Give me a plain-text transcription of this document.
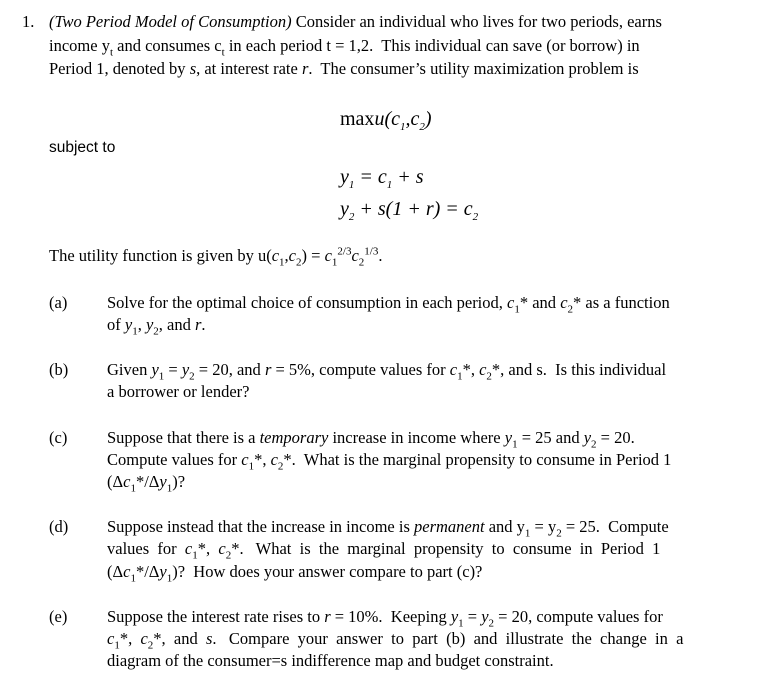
1. (Two Period Model of Consumption) Consider an individual who lives for two periods, earns
income $y_t$ and consumes $c_t$ in each period t = 1,2.  This individual can save (or borrow) in
Period 1, denoted by s, at interest rate r.  The consumer’s utility maximization problem is
$\max u(c_1,c_2)$
subject to
$y_1 = c_1 + s$
$y_2 + s(1 + r) = c_2$
The utility function is given by $u(c_1,c_2) = c_1^{2/3}c_2^{1/3}$.
(a) Solve for the optimal choice of consumption in each period, $c_1*$ and $c_2*$ as a function
of $y_1$, $y_2$, and r.
(b) Given $y_1 = y_2 = 20$, and r = 5%, compute values for $c_1*$, $c_2*$, and s.  Is this individual
a borrower or lender?
(c) Suppose that there is a temporary increase in income where $y_1 = 25$ and $y_2 = 20$.
Compute values for $c_1*$, $c_2*$.  What is the marginal propensity to consume in Period 1
$(\Delta c_1*/\Delta y_1)$?
(d) Suppose instead that the increase in income is permanent and $y_1 = y_2 = 25$.  Compute
values  for  $c_1*$,  $c_2*$.   What  is  the  marginal  propensity  to  consume  in  Period  1
$(\Delta c_1*/\Delta y_1)$?  How does your answer compare to part (c)?
(e) Suppose the interest rate rises to r = 10%.  Keeping $y_1 = y_2 = 20$, compute values for
$c_1*$,  $c_2*$,  and  s.   Compare  your  answer  to  part  (b)  and  illustrate  the  change  in  a
diagram of the consumer=s indifference map and budget constraint.
